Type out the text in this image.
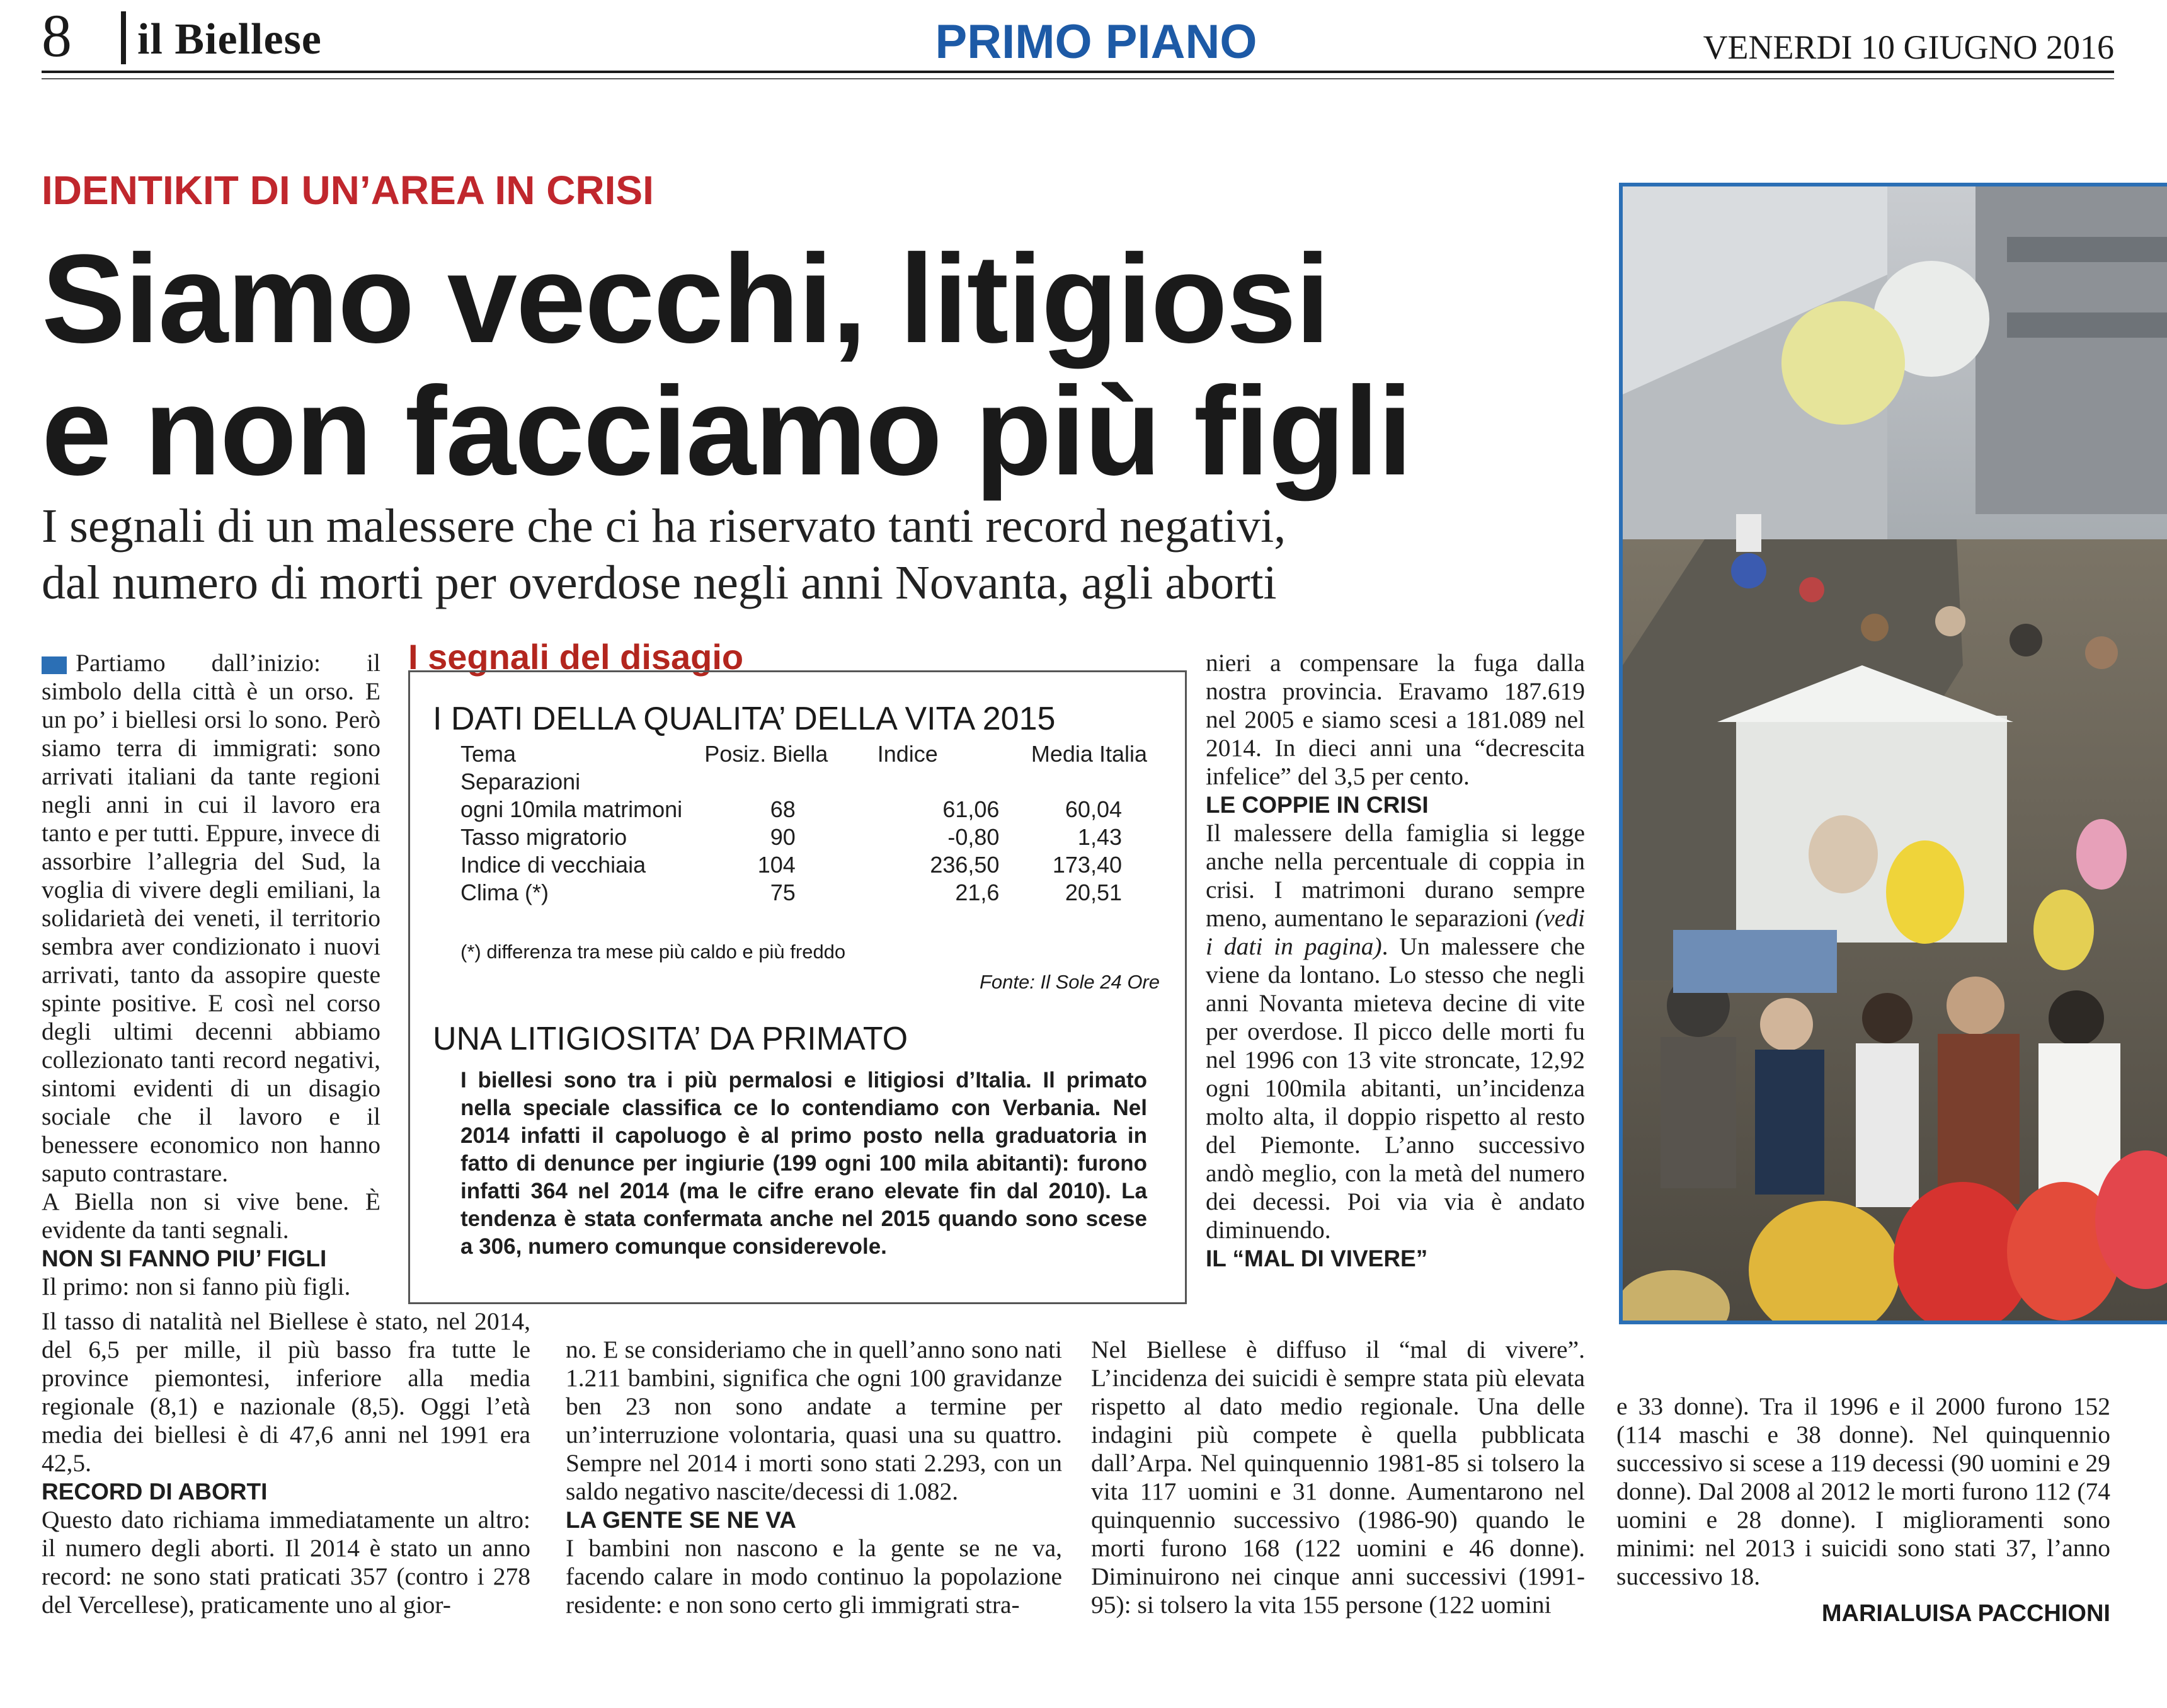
8 il Biellese	PRIMO PIANO	VENERDI 10 GIUGNO 2016
IDENTIKIT DI UN’AREA IN CRISI
Siamo vecchi, litigiosi
e non facciamo più figli
I segnali di un malessere che ci ha riservato tanti record negativi,
dal numero di morti per overdose negli anni Novanta, agli aborti

Partiamo dall’inizio: il simbolo della città è un orso. E un po’ i biellesi orsi lo sono. Però siamo terra di immigrati: sono arrivati italiani da tante regioni negli anni in cui il lavoro era tanto e per tutti. Eppure, invece di assorbire l’allegria del Sud, la voglia di vivere degli emiliani, la solidarietà dei veneti, il territorio sembra aver condizionato i nuovi arrivati, tanto da assopire queste spinte positive. E così nel corso degli ultimi decenni abbiamo collezionato tanti record negativi, sintomi evidenti di un disagio sociale che il lavoro e il benessere economico non hanno saputo contrastare.

A Biella non si vive bene. È evidente da tanti segnali.

NON SI FANNO PIU’ FIGLI

Il primo: non si fanno più figli.

Il tasso di natalità nel Biellese è stato, nel 2014, del 6,5 per mille, il più basso fra tutte le province piemontesi, inferiore alla media regionale (8,1) e nazionale (8,5). Oggi l’età media dei biellesi è di 47,6 anni nel 1991 era 42,5.

RECORD DI ABORTI

Questo dato richiama immediatamente un altro: il numero degli aborti. Il 2014 è stato un anno record: ne sono stati praticati 357 (contro i 278 del Vercellese), praticamente uno al gior-

I segnali del disagio
I DATI DELLA QUALITA’ DELLA VITA 2015
Tema	Posiz. Biella	Indice	Media Italia
Separazioni			
ogni 10mila matrimoni	68	61,06	60,04
Tasso migratorio	90	-0,80	1,43
Indice di vecchiaia	104	236,50	173,40
Clima (*)	75	21,6	20,51
(*) differenza tra mese più caldo e più freddo
Fonte: Il Sole 24 Ore
UNA LITIGIOSITA’ DA PRIMATO
I biellesi sono tra i più permalosi e litigiosi d’Italia. Il primato nella speciale classifica ce lo contendiamo con Verbania. Nel 2014 infatti il capoluogo è al primo posto nella graduatoria in fatto di denunce per ingiurie (199 ogni 100 mila abitanti): furono infatti 364 nel 2014 (ma le cifre erano elevate fin dal 2010). La tendenza è stata confermata anche nel 2015 quando sono scese a 306, numero comunque considerevole.

no. E se consideriamo che in quell’anno sono nati 1.211 bambini, significa che ogni 100 gravidanze ben 23 non sono andate a termine per un’interruzione volontaria, quasi una su quattro. Sempre nel 2014 i morti sono stati 2.293, con un saldo negativo nascite/decessi di 1.082.

LA GENTE SE NE VA

I bambini non nascono e la gente se ne va, facendo calare in modo continuo la popolazione residente: e non sono certo gli immigrati stra-

nieri a compensare la fuga dalla nostra provincia. Eravamo 187.619 nel 2005 e siamo scesi a 181.089 nel 2014. In dieci anni una “decrescita infelice” del 3,5 per cento.

LE COPPIE IN CRISI

Il malessere della famiglia si legge anche nella percentuale di coppia in crisi. I matrimoni durano sempre meno, aumentano le separazioni (vedi i dati in pagina). Un malessere che viene da lontano. Lo stesso che negli anni Novanta mieteva decine di vite per overdose. Il picco delle morti fu nel 1996 con 13 vite stroncate, 12,92 ogni 100mila abitanti, un’incidenza molto alta, il doppio rispetto al resto del Piemonte. L’anno successivo andò meglio, con la metà del numero dei decessi. Poi via via è andato diminuendo.

IL “MAL DI VIVERE”

Nel Biellese è diffuso il “mal di vivere”. L’incidenza dei suicidi è sempre stata più elevata rispetto al dato medio regionale. Una delle indagini più compete è quella pubblicata dall’Arpa. Nel quinquennio 1981-85 si tolsero la vita 117 uomini e 31 donne. Aumentarono nel quinquennio successivo (1986-90) quando le morti furono 168 (122 uomini e 46 donne). Diminuirono nei cinque anni successivi (1991-95): si tolsero la vita 155 persone (122 uomini

e 33 donne). Tra il 1996 e il 2000 furono 152 (114 maschi e 38 donne). Nel quinquennio successivo si scese a 119 decessi (90 uomini e 29 donne). Dal 2008 al 2012 le morti furono 112 (74 uomini e 28 donne). I miglioramenti sono minimi: nel 2013 i suicidi sono stati 37, l’anno successivo 18.

MARIALUISA PACCHIONI
